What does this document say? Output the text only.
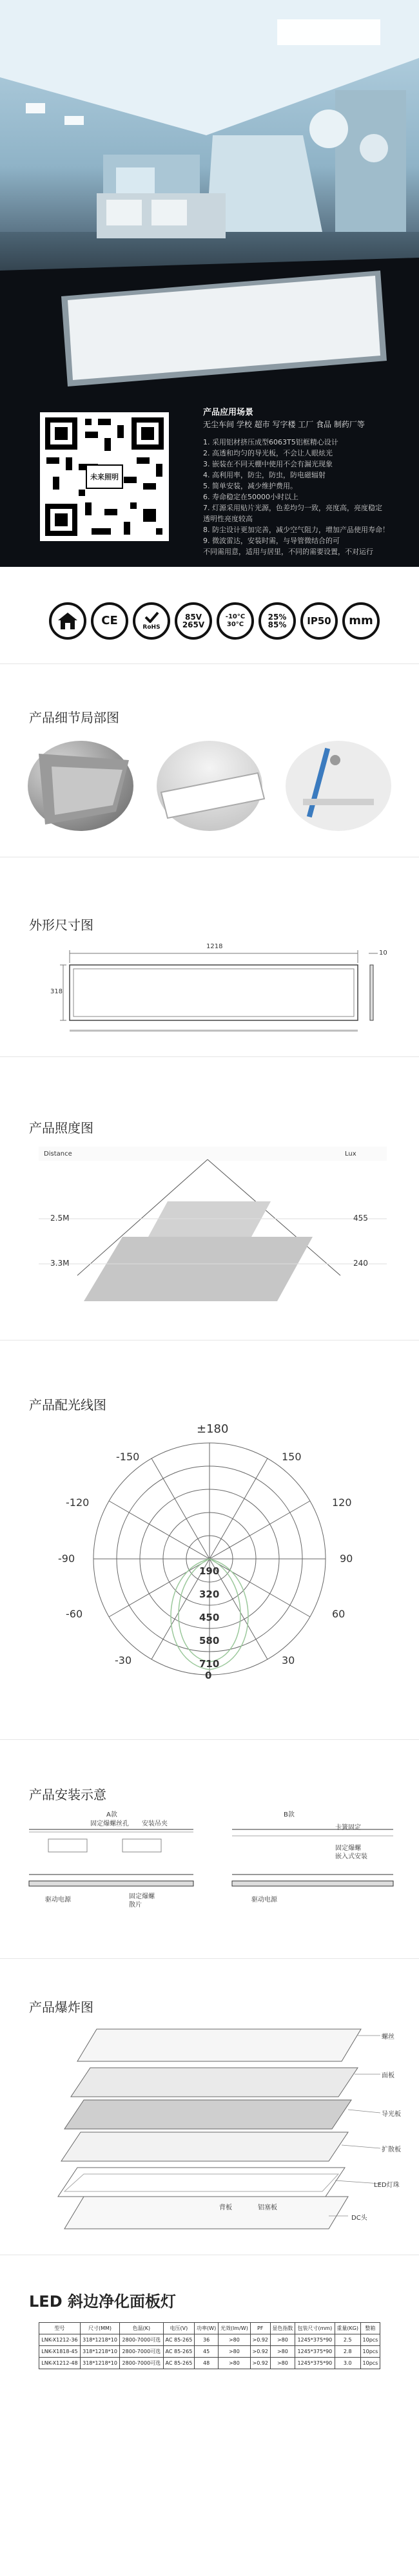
未来照明
产品应用场景
无尘车间 学校 超市 写字楼 工厂 食品 制药厂等
1. 采用铝材挤压成型6063T5铝框精心设计
2. 高透和均匀的导光板，不会让人眼炫光
3. 嵌装在不同天棚中使用不会有漏光现象
4. 高利用率，防尘，防虫，防电磁辐射
5. 简单安装，减少维护费用。
6. 寿命稳定在50000小时以上
7. 灯源采用贴片光源，色差均匀一致，亮度高，亮度稳定
透明性亮度较高
8. 防尘设计更加完善，减少空气阻力，增加产品使用寿命！
9. 微波雷达，安装时需，与导管微结合的可
不同需用意，适用与居里，不同的需要设置，不对运行
CE	RoHS
85V
265V
-10°C
30°C
25%
85% IP50 mm
产品细节局部图
外形尺寸图
1218
318
10
产品照度图
Distance	Lux
2.5M	455
3.3M	240
产品配光线图
±180
-150	150
-120	120
-90	90
-60	60
-30	30
190
320
450
580
710
0
产品安装示意
A款	B款
固定爆螺丝孔 安装吊夹
驱动电源	固定爆螺
散片
卡簧固定
固定爆螺
嵌入式安装
驱动电源
产品爆炸图
螺丝
面板
导光板
扩散板
LED灯珠
背板	铝塞板
DC头
LED 斜边净化面板灯
型号	尺寸(MM)	色温(K)	电压(V)	功率(W)	光效(lm/W)	PF	显色指数	包装尺寸(mm)	重量(KG)	整箱
LNK-X1212-36	318*1218*10	2800-7000可选	AC 85-265	36	>80	>0.92	>80	1245*375*90	2.5	10pcs
LNK-X1818-45	318*1218*10	2800-7000可选	AC 85-265	45	>80	>0.92	>80	1245*375*90	2.8	10pcs
LNK-X1212-48	318*1218*10	2800-7000可选	AC 85-265	48	>80	>0.92	>80	1245*375*90	3.0	10pcs
